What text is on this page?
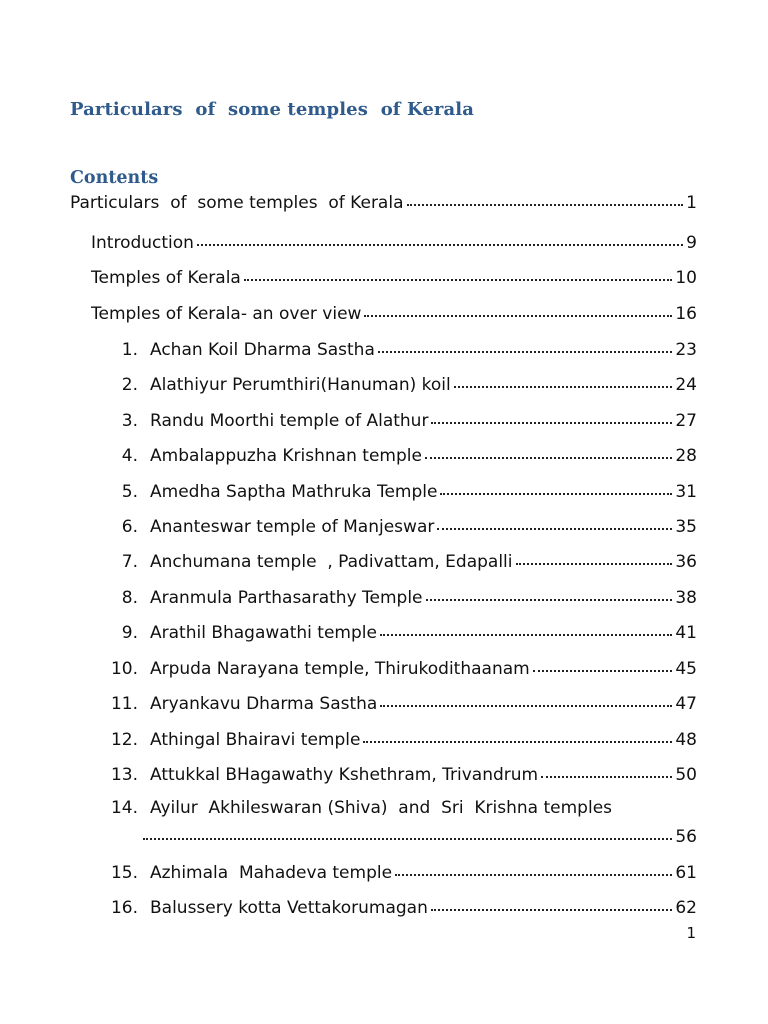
Particulars  of  some temples  of Kerala
Contents
Particulars  of  some temples  of Kerala	1
Introduction	9
Temples of Kerala	10
Temples of Kerala- an over view	16
1. Achan Koil Dharma Sastha	23
2. Alathiyur Perumthiri(Hanuman) koil	24
3. Randu Moorthi temple of Alathur	27
4. Ambalappuzha Krishnan temple	28
5. Amedha Saptha Mathruka Temple	31
6. Ananteswar temple of Manjeswar	35
7. Anchumana temple  , Padivattam, Edapalli	36
8. Aranmula Parthasarathy Temple	38
9. Arathil Bhagawathi temple	41
10. Arpuda Narayana temple, Thirukodithaanam	45
11. Aryankavu Dharma Sastha	47
12. Athingal Bhairavi temple	48
13. Attukkal BHagawathy Kshethram, Trivandrum	50
14. Ayilur  Akhileswaran (Shiva)  and  Sri  Krishna temples
56
15. Azhimala  Mahadeva temple	61
16. Balussery kotta Vettakorumagan	62
1
